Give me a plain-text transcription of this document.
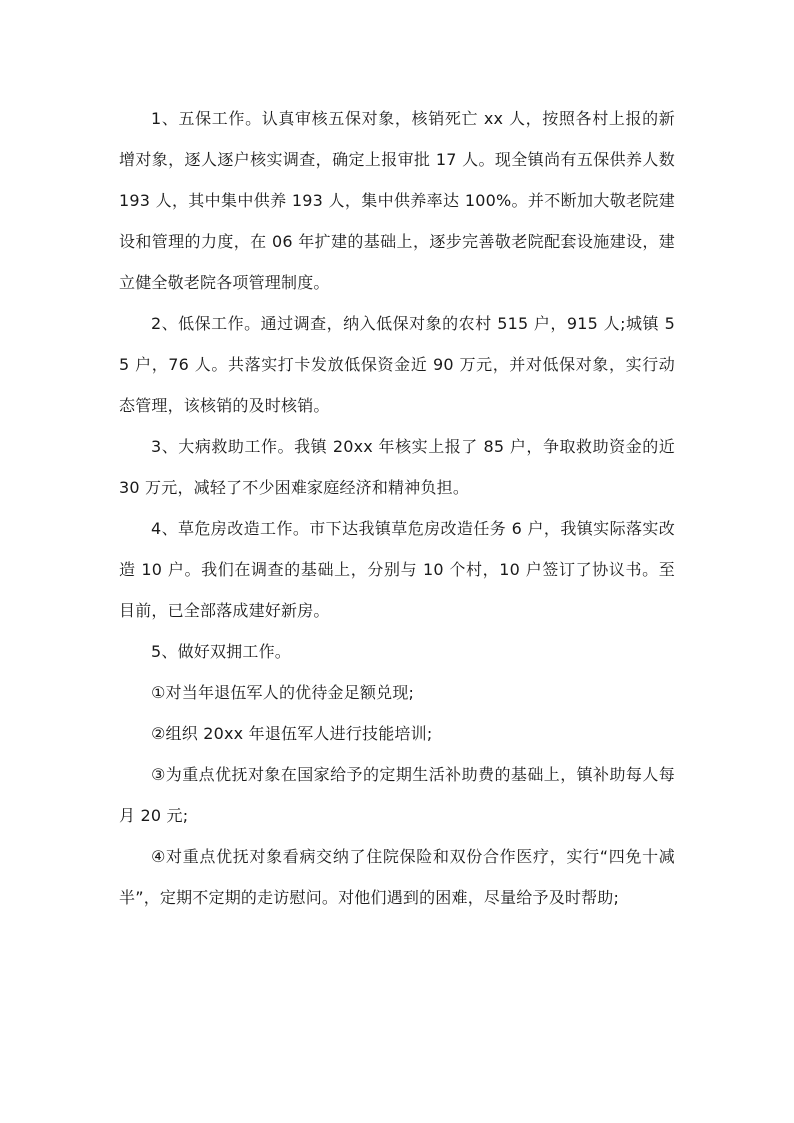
1、五保工作。认真审核五保对象，核销死亡 xx 人，按照各村上报的新增对象，逐人逐户核实调查，确定上报审批 17 人。现全镇尚有五保供养人数 193 人，其中集中供养 193 人，集中供养率达 100%。并不断加大敬老院建设和管理的力度，在 06 年扩建的基础上，逐步完善敬老院配套设施建设，建立健全敬老院各项管理制度。

2、低保工作。通过调查，纳入低保对象的农村 515 户，915 人;城镇 55 户，76 人。共落实打卡发放低保资金近 90 万元，并对低保对象，实行动态管理，该核销的及时核销。

3、大病救助工作。我镇 20xx 年核实上报了 85 户，争取救助资金的近 30 万元，减轻了不少困难家庭经济和精神负担。

4、草危房改造工作。市下达我镇草危房改造任务 6 户，我镇实际落实改造 10 户。我们在调查的基础上，分别与 10 个村，10 户签订了协议书。至目前，已全部落成建好新房。

5、做好双拥工作。

①对当年退伍军人的优待金足额兑现;

②组织 20xx 年退伍军人进行技能培训;

③为重点优抚对象在国家给予的定期生活补助费的基础上，镇补助每人每月 20 元;

④对重点优抚对象看病交纳了住院保险和双份合作医疗，实行“四免十减半”，定期不定期的走访慰问。对他们遇到的困难，尽量给予及时帮助;
